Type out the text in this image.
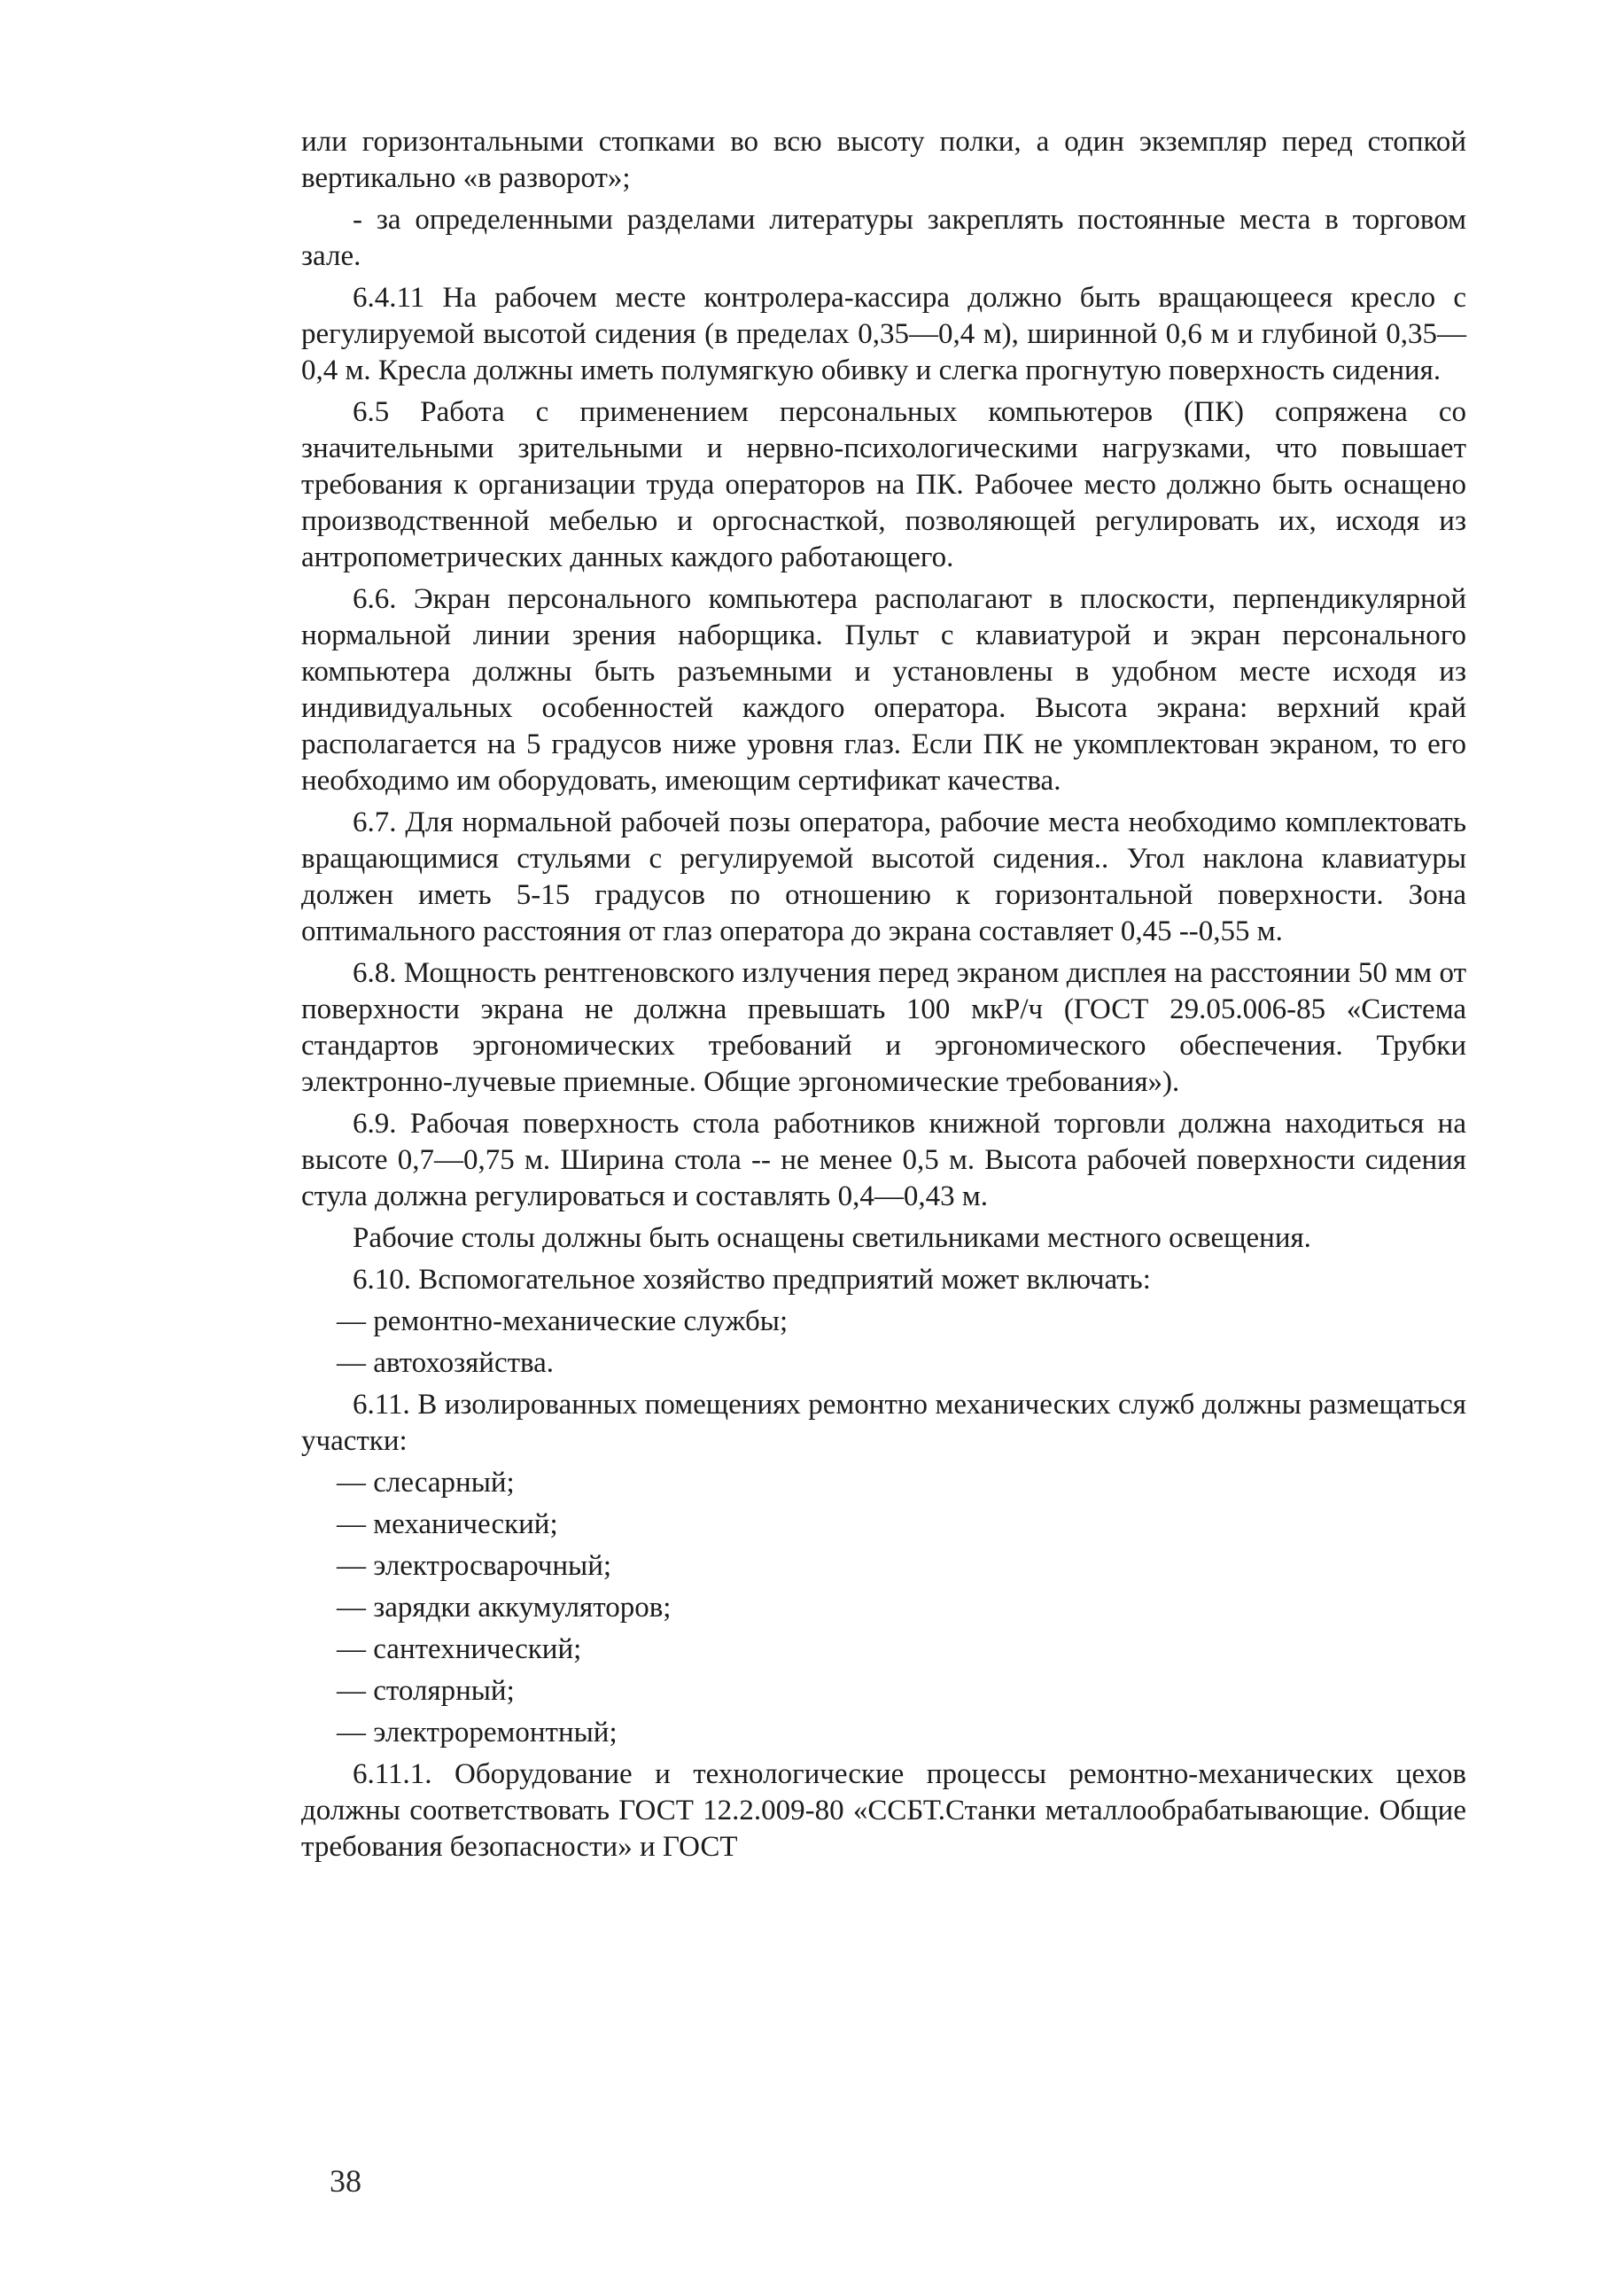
или горизонтальными стопками во всю высоту полки, а один экземпляр перед стопкой вертикально «в разворот»;

- за определенными разделами литературы закреплять постоянные места в торговом зале.

6.4.11 На рабочем месте контролера-кассира должно быть вращающееся кресло с регулируемой высотой сидения (в пределах 0,35—0,4 м), ширинной 0,6 м и глубиной 0,35—0,4 м. Кресла должны иметь полумягкую обивку и слегка прогнутую поверхность сидения.

6.5 Работа с применением персональных компьютеров (ПК) сопряжена со значительными зрительными и нервно-психологическими нагрузками, что повышает требования к организации труда операторов на ПК. Рабочее место должно быть оснащено производственной мебелью и оргоснасткой, позволяющей регулировать их, исходя из антропометрических данных каждого работающего.

6.6. Экран персонального компьютера располагают в плоскости, перпендикулярной нормальной линии зрения наборщика. Пульт с клавиатурой и экран персонального компьютера должны быть разъемными и установлены в удобном месте исходя из индивидуальных особенностей каждого оператора. Высота экрана: верхний край располагается на 5 градусов ниже уровня глаз. Если ПК не укомплектован экраном, то его необходимо им оборудовать, имеющим сертификат качества.

6.7. Для нормальной рабочей позы оператора, рабочие места необходимо комплектовать вращающимися стульями с регулируемой высотой сидения.. Угол наклона клавиатуры должен иметь 5-15 градусов по отношению к горизонтальной поверхности. Зона оптимального расстояния от глаз оператора до экрана составляет 0,45 --0,55 м.

6.8. Мощность рентгеновского излучения перед экраном дисплея на расстоянии 50 мм от поверхности экрана не должна превышать 100 мкР/ч (ГОСТ 29.05.006-85 «Система стандартов эргономических требований и эргономического обеспечения. Трубки электронно-лучевые приемные. Общие эргономические требования»).

6.9. Рабочая поверхность стола работников книжной торговли должна находиться на высоте 0,7—0,75 м. Ширина стола -- не менее 0,5 м. Высота рабочей поверхности сидения стула должна регулироваться и составлять 0,4—0,43 м.

Рабочие столы должны быть оснащены светильниками местного освещения.

6.10. Вспомогательное хозяйство предприятий может включать:

— ремонтно-механические службы;

— автохозяйства.

6.11. В изолированных помещениях ремонтно механических служб должны размещаться участки:

— слесарный;

— механический;

— электросварочный;

— зарядки аккумуляторов;

— сантехнический;

— столярный;

— электроремонтный;

6.11.1. Оборудование и технологические процессы ремонтно-механических цехов должны соответствовать ГОСТ 12.2.009-80 «ССБТ.Станки металлообрабатывающие. Общие требования безопасности» и ГОСТ

38
